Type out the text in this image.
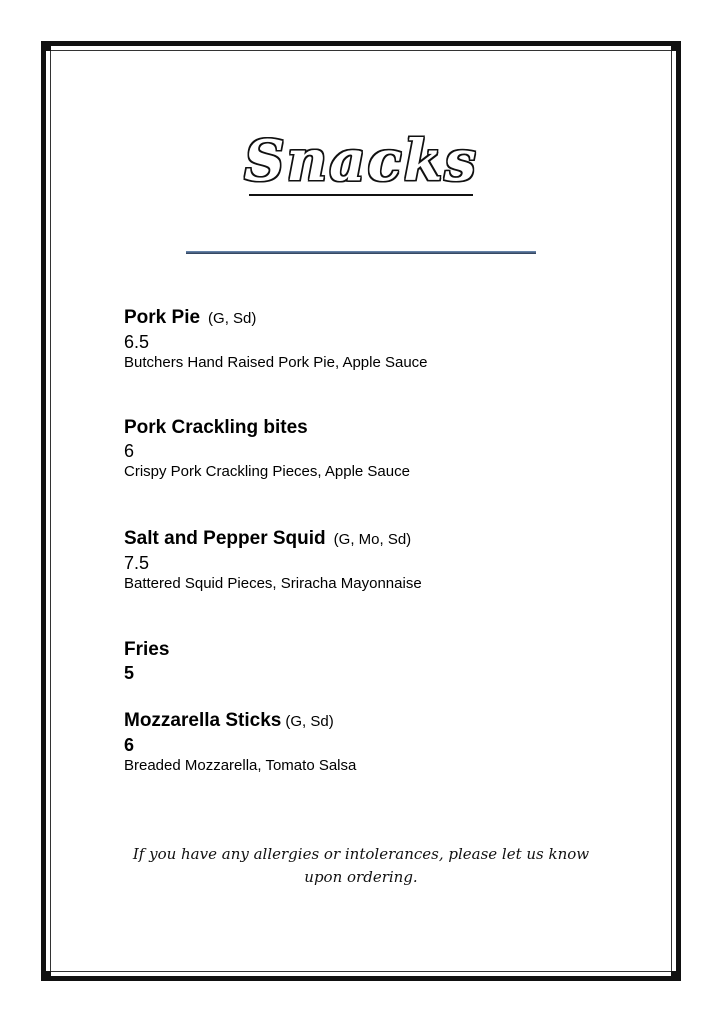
Snacks
Pork Pie (G, Sd)
6.5
Butchers Hand Raised Pork Pie, Apple Sauce
Pork Crackling bites
6
Crispy Pork Crackling Pieces, Apple Sauce
Salt and Pepper Squid (G, Mo, Sd)
7.5
Battered Squid Pieces, Sriracha Mayonnaise
Fries
5
Mozzarella Sticks (G, Sd)
6
Breaded Mozzarella, Tomato Salsa
If you have any allergies or intolerances, please let us know
upon ordering.
